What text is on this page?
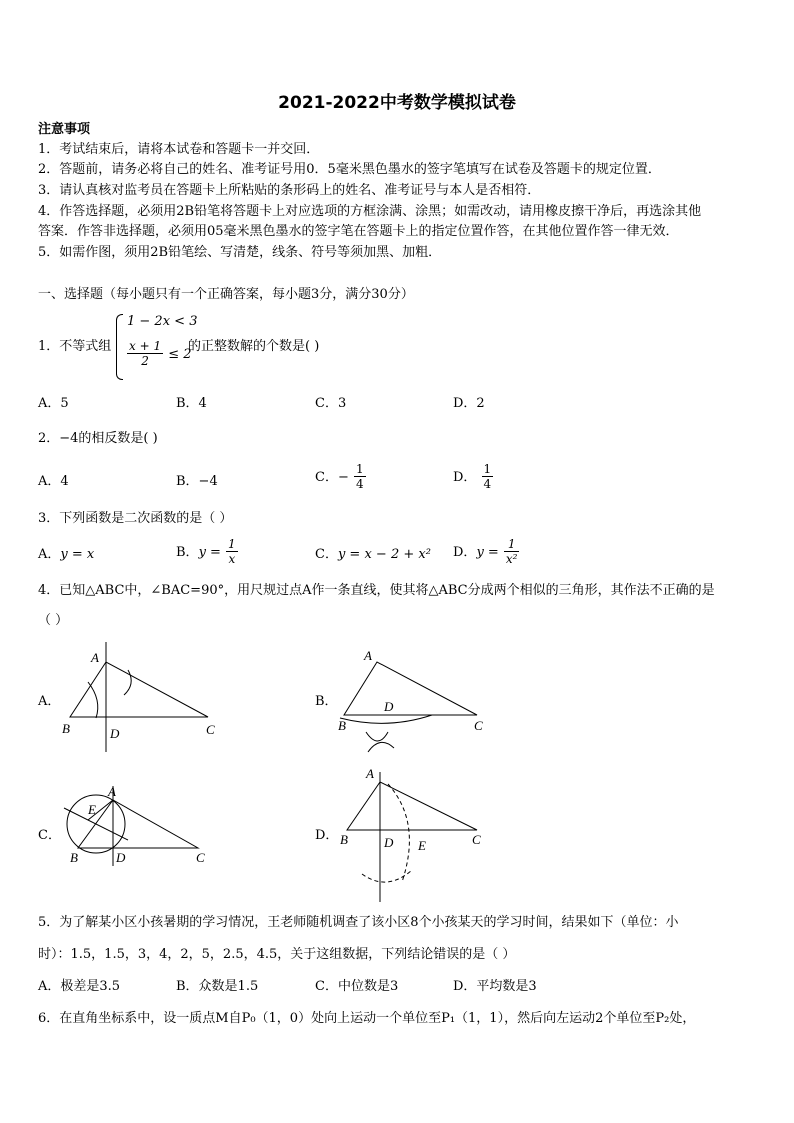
2021-2022中考数学模拟试卷
注意事项
1．考试结束后，请将本试卷和答题卡一并交回．
2．答题前，请务必将自己的姓名、准考证号用0．5毫米黑色墨水的签字笔填写在试卷及答题卡的规定位置．
3．请认真核对监考员在答题卡上所粘贴的条形码上的姓名、准考证号与本人是否相符．
4．作答选择题，必须用2B铅笔将答题卡上对应选项的方框涂满、涂黑；如需改动，请用橡皮擦干净后，再选涂其他
答案．作答非选择题，必须用05毫米黑色墨水的签字笔在答题卡上的指定位置作答，在其他位置作答一律无效．
5．如需作图，须用2B铅笔绘、写清楚，线条、符号等须加黑、加粗．
一、选择题（每小题只有一个正确答案，每小题3分，满分30分）
1．不等式组
1 − 2x < 3
$\frac{x + 1}{2} \le 2$
的正整数解的个数是( )
A．5	B．4	C．3	D．2
2．−4的相反数是( )
A．4	B．−4	C．− $\frac{1}{4}$	D． $\frac{1}{4}$
3．下列函数是二次函数的是（ ）
A．y = x	B．$y = \frac{1}{x}$	C．y = x − 2 + x² D．$y = \frac{1}{\text{x²}}$
4．已知△ABC中，∠BAC=90°，用尺规过点A作一条直线，使其将△ABC分成两个相似的三角形，其作法不正确的是
（ ）
A．	B．
C．	D．
A
B	D	C
A
D
B	C
A
E
B	D	C
A
B	D E	C
5．为了解某小区小孩暑期的学习情况，王老师随机调查了该小区8个小孩某天的学习时间，结果如下（单位：小
时）：1.5，1.5，3，4，2，5，2.5，4.5，关于这组数据，下列结论错误的是（ ）
A．极差是3.5	B．众数是1.5	C．中位数是3	D．平均数是3
6．在直角坐标系中，设一质点M自P₀（1，0）处向上运动一个单位至P₁（1，1），然后向左运动2个单位至P₂处，
